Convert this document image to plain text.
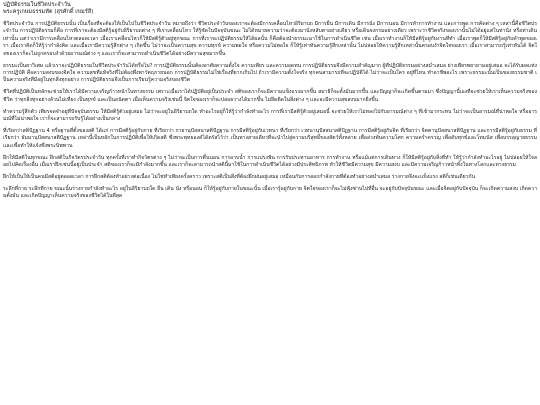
ปฏิบัติธรรมในชีวิตประจำวัน
พระครูเกษมธรรมทัต (สุรศักดิ์ เขมรํสี)

ชีวิตประจำวัน การปฏิบัติธรรมนั้น เป็นเรื่องที่จะต้องให้เป็นไปในชีวิตประจำวัน หมายถึงว่า ชีวิตประจำวันของเราจะต้องมีการเคลื่อนไหวอิริยาบถ มีการยืน มีการเดิน มีการนั่ง มีการนอน มีการทำการทำงาน และการพูด การคิดต่าง ๆ เหล่านี้คือชีวิตประจำวัน การปฏิบัติธรรมก็คือ การที่เราจะต้องมีสติรู้อยู่กับอิริยาบถต่าง ๆ ที่เราเคลื่อนไหว ให้รู้ชัดในปัจจุบันขณะ ไม่ได้หมายความว่าจะต้องมานั่งหลับตาอย่างเดียว หรือเดินจงกรมอย่างเดียว เพราะว่าชีวิตจริงของเรานั้นไม่ได้อยู่แต่ในท่านั่ง หรือท่าเดินเท่านั้น แต่ว่าเรามีการเคลื่อนไหวตลอดเวลา เมื่อเราเคลื่อนไหวก็ให้มีสติรู้ตัวอยู่ทุกขณะ การที่เราจะปฏิบัติธรรมให้ได้ผลนั้น ก็คือต้องนำธรรมะมาใช้ในการดำเนินชีวิต เช่น เมื่อเราทำงานก็ให้มีสติรู้อยู่กับงานที่ทำ เมื่อเราพูดก็ให้มีสติรู้อยู่กับคำพูดของเรา เมื่อเราคิดก็ให้รู้ว่ากำลังคิด และเมื่อเรามีความรู้สึกต่าง ๆ เกิดขึ้น ไม่ว่าจะเป็นความสุข ความทุกข์ ความพอใจ หรือความไม่พอใจ ก็ให้รู้เท่าทันความรู้สึกเหล่านั้น ไม่ปล่อยให้ความรู้สึกเหล่านั้นครอบงำจิตใจของเรา เมื่อเราสามารถรู้เท่าทันได้ จิตใจของเราก็จะไม่ถูกครอบงำด้วยอารมณ์ต่าง ๆ และเราก็จะสามารถดำเนินชีวิตได้อย่างมีความสุขมากขึ้น

ธรรมะเป็นยาวิเศษ แล้วเราจะปฏิบัติธรรมในชีวิตประจำวันได้หรือไม่? การปฏิบัติธรรมนั้นต้องอาศัยความตั้งใจ ความเพียร และความอดทน การปฏิบัติธรรมจึงมีความสำคัญมาก ผู้ที่ปฏิบัติธรรมอย่างสม่ำเสมอ ย่างเพียรพยายามอยู่เสมอ จะได้รับผลแห่งการปฏิบัติ คือความสงบของจิตใจ ความสุขที่แท้จริงที่ไม่ต้องพึ่งพาวัตถุภายนอก การปฏิบัติธรรมไม่ใช่เรื่องที่ยากเกินไป ถ้าเรามีความตั้งใจจริง ทุกคนสามารถที่จะปฏิบัติได้ ไม่ว่าจะเป็นใคร อยู่ที่ไหน ทำอาชีพอะไร เพราะธรรมะนั้นเป็นของธรรมชาติ เป็นความจริงที่มีอยู่ในทุกสิ่งทุกอย่าง การปฏิบัติธรรมจึงเป็นการเรียนรู้ความจริงของชีวิต

ชีวิตที่ปฏิบัติเป็นหลักจะช่วยให้เราได้มีความเจริญก้าวหน้าในทางธรรม เพราะเมื่อเราได้ปฏิบัติอยู่เป็นประจำ สติของเราก็จะมีความแข็งแรงมากขึ้น สมาธิก็จะตั้งมั่นมากขึ้น และปัญญาก็จะเกิดขึ้นตามมา ซึ่งปัญญานี้เองที่จะช่วยให้เราเห็นความจริงของชีวิต ว่าทุกสิ่งทุกอย่างล้วนไม่เที่ยง เป็นทุกข์ และเป็นอนัตตา เมื่อเห็นความจริงเช่นนี้ จิตใจของเราก็จะปล่อยวางได้มากขึ้น ไม่ยึดติดในสิ่งต่าง ๆ และจะมีความสุขสงบมากยิ่งขึ้น

ทำความรู้สึกตัว เพียรจดจำอยู่ที่ปัจจุบันธรรม ให้มีสติรู้ตัวอยู่เสมอ ไม่ว่าจะอยู่ในอิริยาบถใด ทำอะไรอยู่ก็ให้รู้ว่ากำลังทำอะไร การที่เรามีสติรู้ตัวอยู่เสมอนี้ จะช่วยให้เราไม่หลงไปกับอารมณ์ต่าง ๆ ที่เข้ามากระทบ ไม่ว่าจะเป็นอารมณ์ที่น่าพอใจ หรืออารมณ์ที่ไม่น่าพอใจ เราก็จะสามารถรับรู้ได้อย่างเป็นกลาง

ที่เรียกว่าสติปัฏฐาน 4 หรือฐานที่ตั้งของสติ ได้แก่ การมีสติรู้อยู่กับกาย ที่เรียกว่า กายานุปัสสนาสติปัฏฐาน การมีสติรู้อยู่กับเวทนา ที่เรียกว่า เวทนานุปัสสนาสติปัฏฐาน การมีสติรู้อยู่กับจิต ที่เรียกว่า จิตตานุปัสสนาสติปัฏฐาน และการมีสติรู้อยู่กับธรรม ที่เรียกว่า ธัมมานุปัสสนาสติปัฏฐาน เหล่านี้เป็นหลักในการปฏิบัติเพื่อให้เกิดสติ ซึ่งพระพุทธองค์ได้ตรัสไว้ว่า เป็นทางสายเดียวที่จะนำไปสู่ความบริสุทธิ์ของสัตว์ทั้งหลาย เพื่อล่วงพ้นความโศก ความคร่ำครวญ เพื่อดับทุกข์และโทมนัส เพื่อบรรลุญายธรรม และเพื่อทำให้แจ้งซึ่งพระนิพพาน

ฝึกให้มีสติในทุกขณะ ฝึกสติในกิจวัตรประจำวัน ทุกครั้งที่เราทำกิจวัตรต่าง ๆ ไม่ว่าจะเป็นการตื่นนอน การอาบน้ำ การแปรงฟัน การรับประทานอาหาร การทำงาน หรือแม้แต่การเดินทาง ก็ให้มีสติรู้อยู่กับสิ่งที่ทำ ให้รู้ว่ากำลังทำอะไรอยู่ ไม่ปล่อยให้ใจลอยไปคิดเรื่องอื่น เมื่อเราฝึกเช่นนี้อยู่เป็นประจำ สติของเราก็จะมีกำลังมากขึ้น และเราก็จะสามารถนำสตินี้มาใช้ในการดำเนินชีวิตได้อย่างมีประสิทธิภาพ ทำให้ชีวิตมีความสุข มีความสงบ และมีความเจริญก้าวหน้าทั้งในทางโลกและทางธรรม

ฝึกให้เป็นให้เป็นคนมีสติอยู่ตลอดเวลา การฝึกสติต้องทำอย่างต่อเนื่อง ไม่ใช่ทำเพียงครั้งคราว เพราะสติเป็นสิ่งที่ต้องฝึกฝนอยู่เสมอ เหมือนกับการออกกำลังกายที่ต้องทำอย่างสม่ำเสมอ ร่างกายจึงจะแข็งแรง สติก็เช่นเดียวกัน

ระลึกที่กาย ระลึกที่กาย ขณะนั้นร่างกายกำลังทำอะไร อยู่ในอิริยาบถใด ยืน เดิน นั่ง หรือนอน ก็ให้รู้อยู่กับกายในขณะนั้น เมื่อเรารู้อยู่กับกาย จิตใจของเราก็จะไม่ฟุ้งซ่านไปที่อื่น จะอยู่กับปัจจุบันขณะ และเมื่อจิตอยู่กับปัจจุบัน ก็จะเกิดความสงบ เกิดความตั้งมั่น และเกิดปัญญาเห็นความจริงของชีวิตได้ในที่สุด
